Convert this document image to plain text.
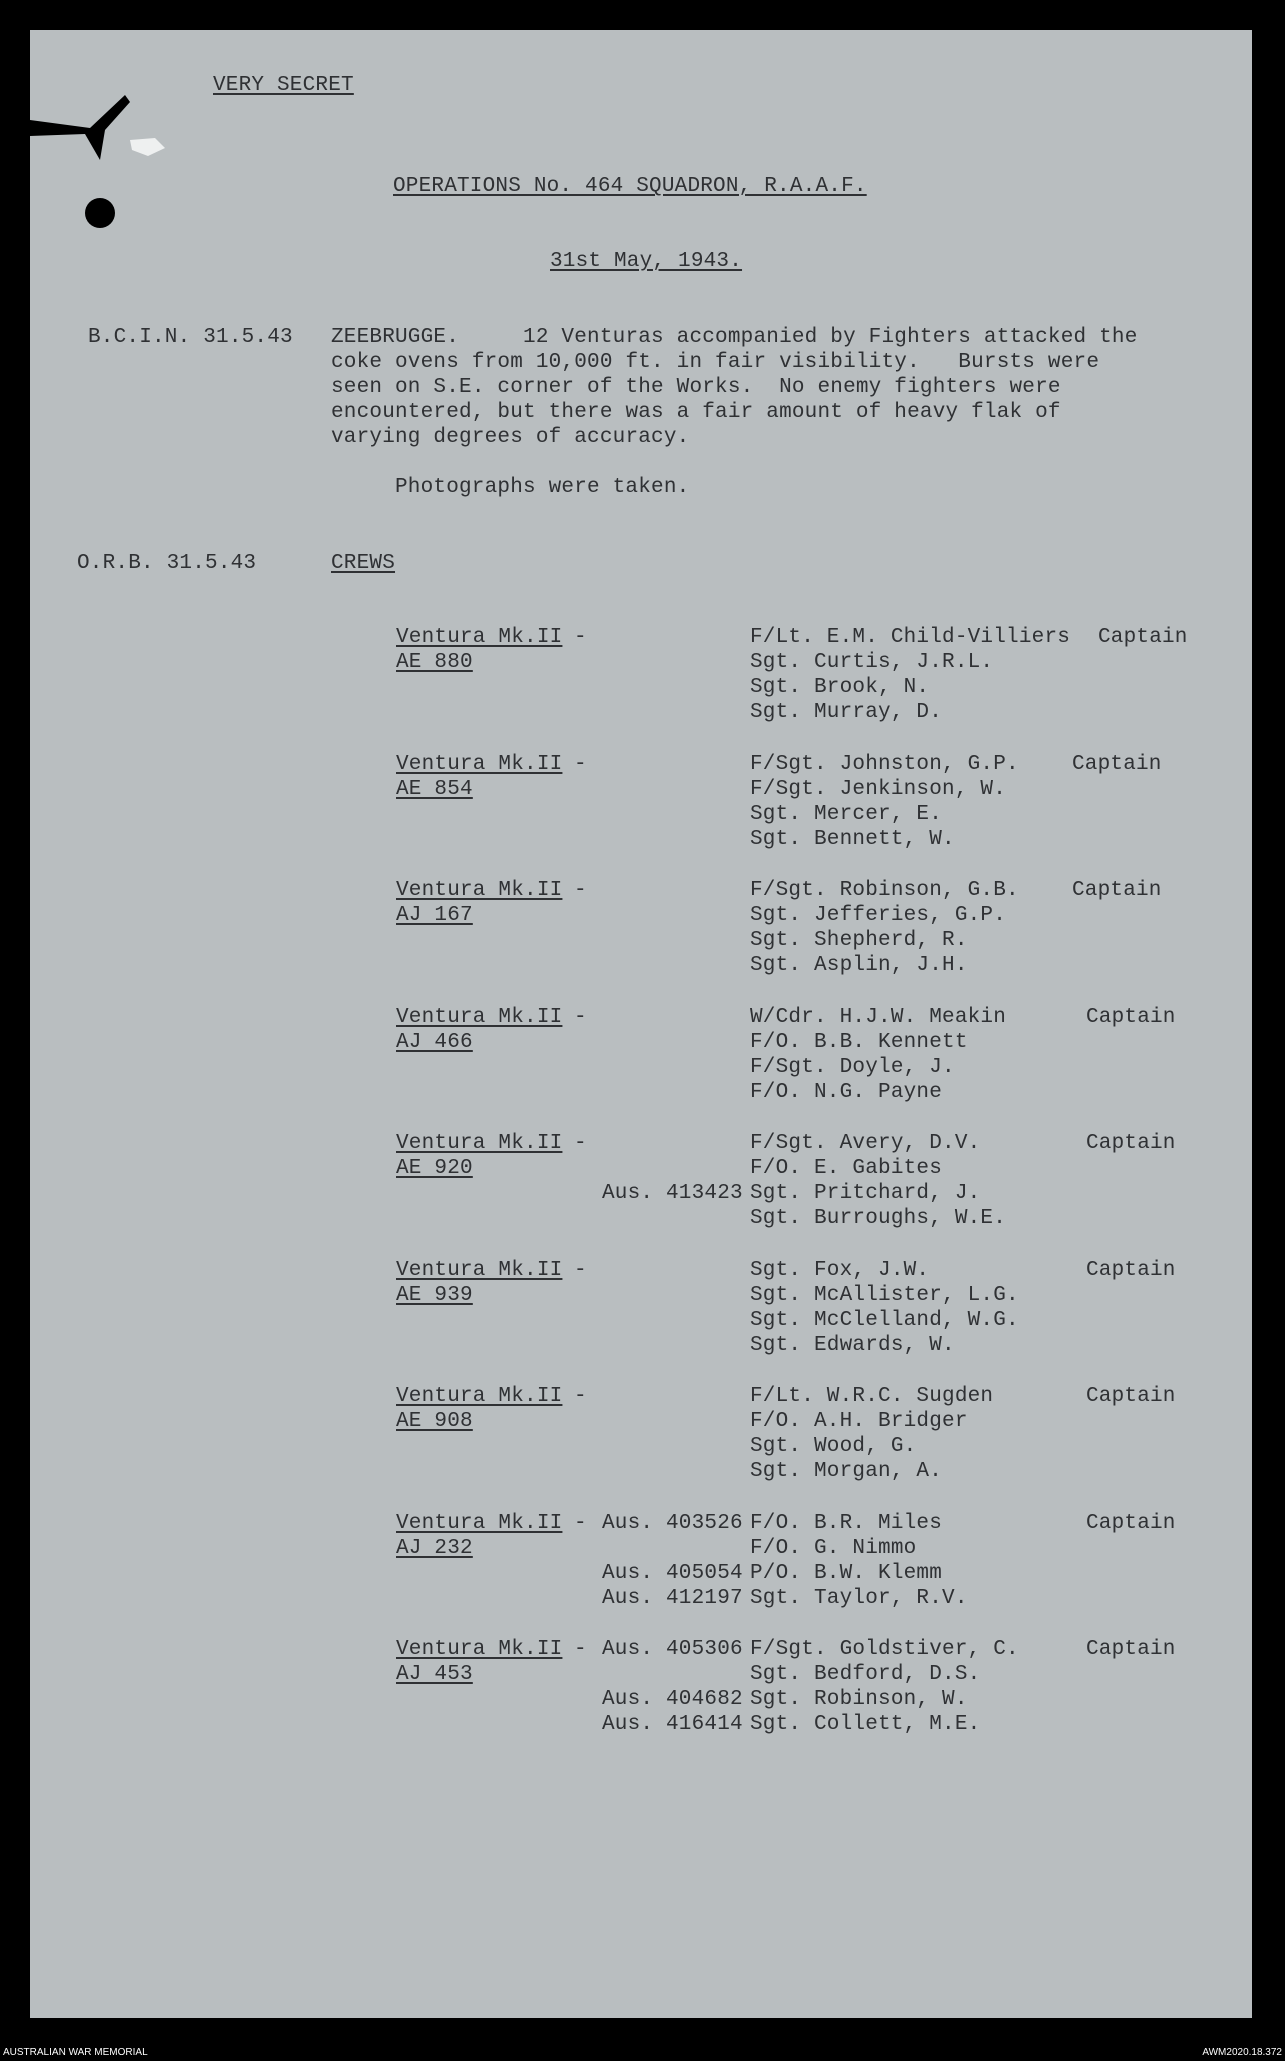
VERY SECRET
OPERATIONS No. 464 SQUADRON, R.A.A.F.
31st May, 1943.
B.C.I.N. 31.5.43 ZEEBRUGGE.     12 Venturas accompanied by Fighters attacked the
coke ovens from 10,000 ft. in fair visibility.   Bursts were
seen on S.E. corner of the Works.  No enemy fighters were
encountered, but there was a fair amount of heavy flak of
varying degrees of accuracy.
Photographs were taken.
O.R.B. 31.5.43	CREWS
Ventura Mk.II -
AE 880
Captain
F/Lt. E.M. Child-Villiers
Sgt. Curtis, J.R.L.
Sgt. Brook, N.
Sgt. Murray, D.
Ventura Mk.II -
AE 854
Captain
F/Sgt. Johnston, G.P.
F/Sgt. Jenkinson, W.
Sgt. Mercer, E.
Sgt. Bennett, W.
Ventura Mk.II -
AJ 167
Captain
F/Sgt. Robinson, G.B.
Sgt. Jefferies, G.P.
Sgt. Shepherd, R.
Sgt. Asplin, J.H.
Ventura Mk.II -
AJ 466
Captain
W/Cdr. H.J.W. Meakin
F/O. B.B. Kennett
F/Sgt. Doyle, J.
F/O. N.G. Payne
Ventura Mk.II -
AE 920
Captain
F/Sgt. Avery, D.V.
F/O. E. Gabites
Aus. 413423 Sgt. Pritchard, J.
Sgt. Burroughs, W.E.
Ventura Mk.II -
AE 939
Captain
Sgt. Fox, J.W.
Sgt. McAllister, L.G.
Sgt. McClelland, W.G.
Sgt. Edwards, W.
Ventura Mk.II -
AE 908
Captain
F/Lt. W.R.C. Sugden
F/O. A.H. Bridger
Sgt. Wood, G.
Sgt. Morgan, A.
Ventura Mk.II -
AJ 232
Captain
Aus. 403526 F/O. B.R. Miles
F/O. G. Nimmo
Aus. 405054 P/O. B.W. Klemm
Aus. 412197 Sgt. Taylor, R.V.
Ventura Mk.II -
AJ 453
Captain
Aus. 405306 F/Sgt. Goldstiver, C.
Sgt. Bedford, D.S.
Aus. 404682 Sgt. Robinson, W.
Aus. 416414 Sgt. Collett, M.E.
AUSTRALIAN WAR MEMORIAL	AWM2020.18.372
